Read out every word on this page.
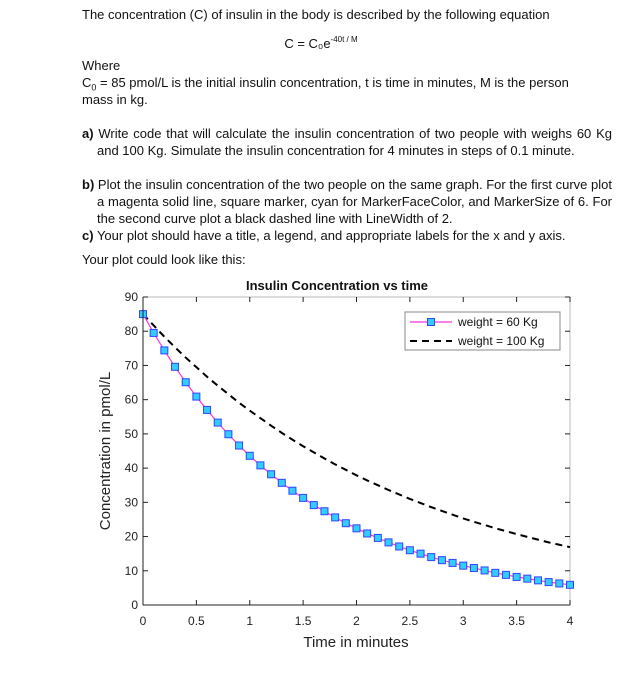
The concentration (C) of insulin in the body is described by the following equation

$C = C_0e^{-40t / M}$

Where

$C_0 = 85$ pmol/L is the initial insulin concentration, t is time in minutes, M is the person

mass in kg.

a) Write code that will calculate the insulin concentration of two people with weighs 60 Kg and 100 Kg. Simulate the insulin concentration for 4 minutes in steps of 0.1 minute.

b) Plot the insulin concentration of the two people on the same graph. For the first curve plot a magenta solid line, square marker, cyan for MarkerFaceColor, and MarkerSize of 6. For the second curve plot a black dashed line with LineWidth of 2.

c) Your plot should have a title, a legend, and appropriate labels for the x and y axis.

Your plot could look like this:

Insulin Concentration vs time
0	0.5	1	1.5	2	2.5	3	3.5	4
0
10
20
30
40
50
60
70
80
90
Time in minutes
Concentration in pmol/L
weight = 60 Kg
weight = 100 Kg
